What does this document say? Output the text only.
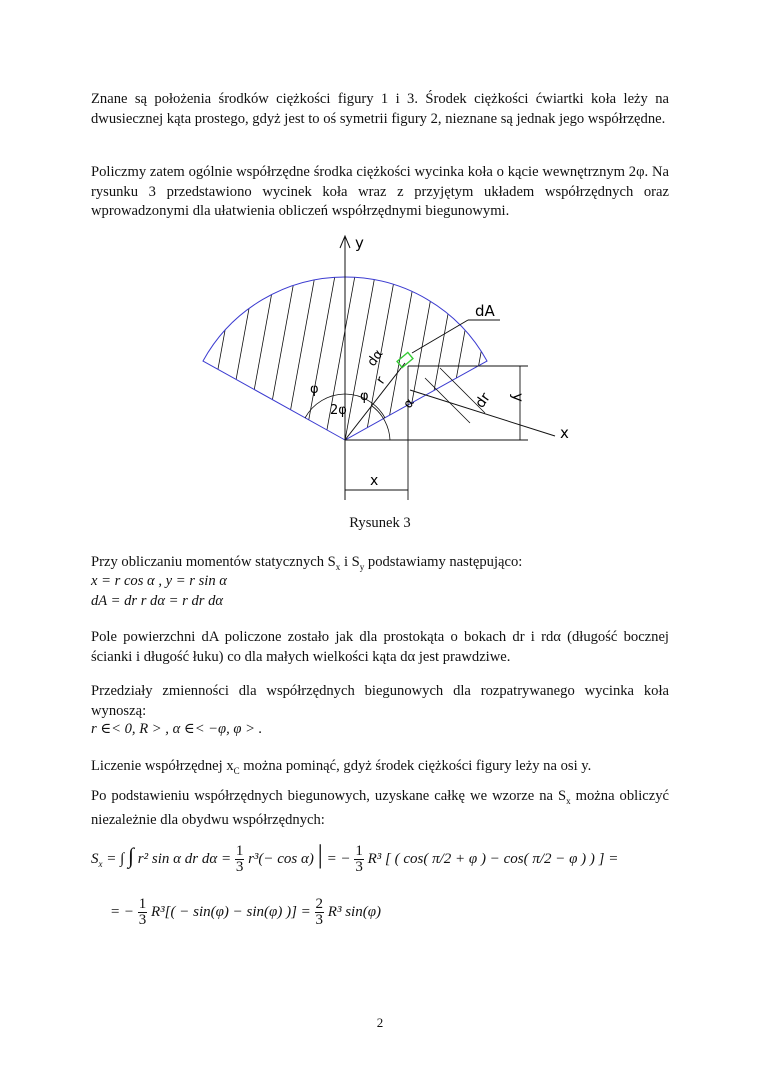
Znane są położenia środków ciężkości figury 1 i 3. Środek ciężkości ćwiartki koła leży na dwusiecznej kąta prostego, gdyż jest to oś symetrii figury 2, nieznane są jednak jego współrzędne.

Policzmy zatem ogólnie współrzędne środka ciężkości wycinka koła o kącie wewnętrznym 2φ. Na rysunku 3 przedstawiono wycinek koła wraz z przyjętym układem współrzędnych oraz wprowadzonymi dla ułatwienia obliczeń współrzędnymi biegunowymi.

y
x
dA
y
x
dr
α
r
dα
φ	φ
2φ
Rysunek 3
Przy obliczaniu momentów statycznych $S_x$ i $S_y$ podstawiamy następująco:
x = r cos α , y = r sin α
dA = dr r dα = r dr dα

Pole powierzchni dA policzone zostało jak dla prostokąta o bokach dr i rdα (długość bocznej ścianki i długość łuku) co dla małych wielkości kąta dα jest prawdziwe.

Przedziały zmienności dla współrzędnych biegunowych dla rozpatrywanego wycinka koła wynoszą:

r ∈< 0, R > , α ∈< −φ, φ > .
Liczenie współrzędnej $x_C$ można pominąć, gdyż środek ciężkości figury leży na osi y.

Po podstawieniu współrzędnych biegunowych, uzyskane całkę we wzorze na $S_x$ można obliczyć niezależnie dla obydwu współrzędnych:

$S_x$ = ∫ ∫ r² sin α dr $d\alpha = \frac{1}{3} r^3(- \cos \alpha)$ | = − $\frac{1}{3} R^3$ [ ( cos( π/2 + φ ) − cos( π/2 − φ ) ) ] =
= − $\frac{1}{3} R^3[( - \sin(\varphi) - \sin(\varphi)$ )] = $\frac{2}{3} R^3$ sin(φ)
2
